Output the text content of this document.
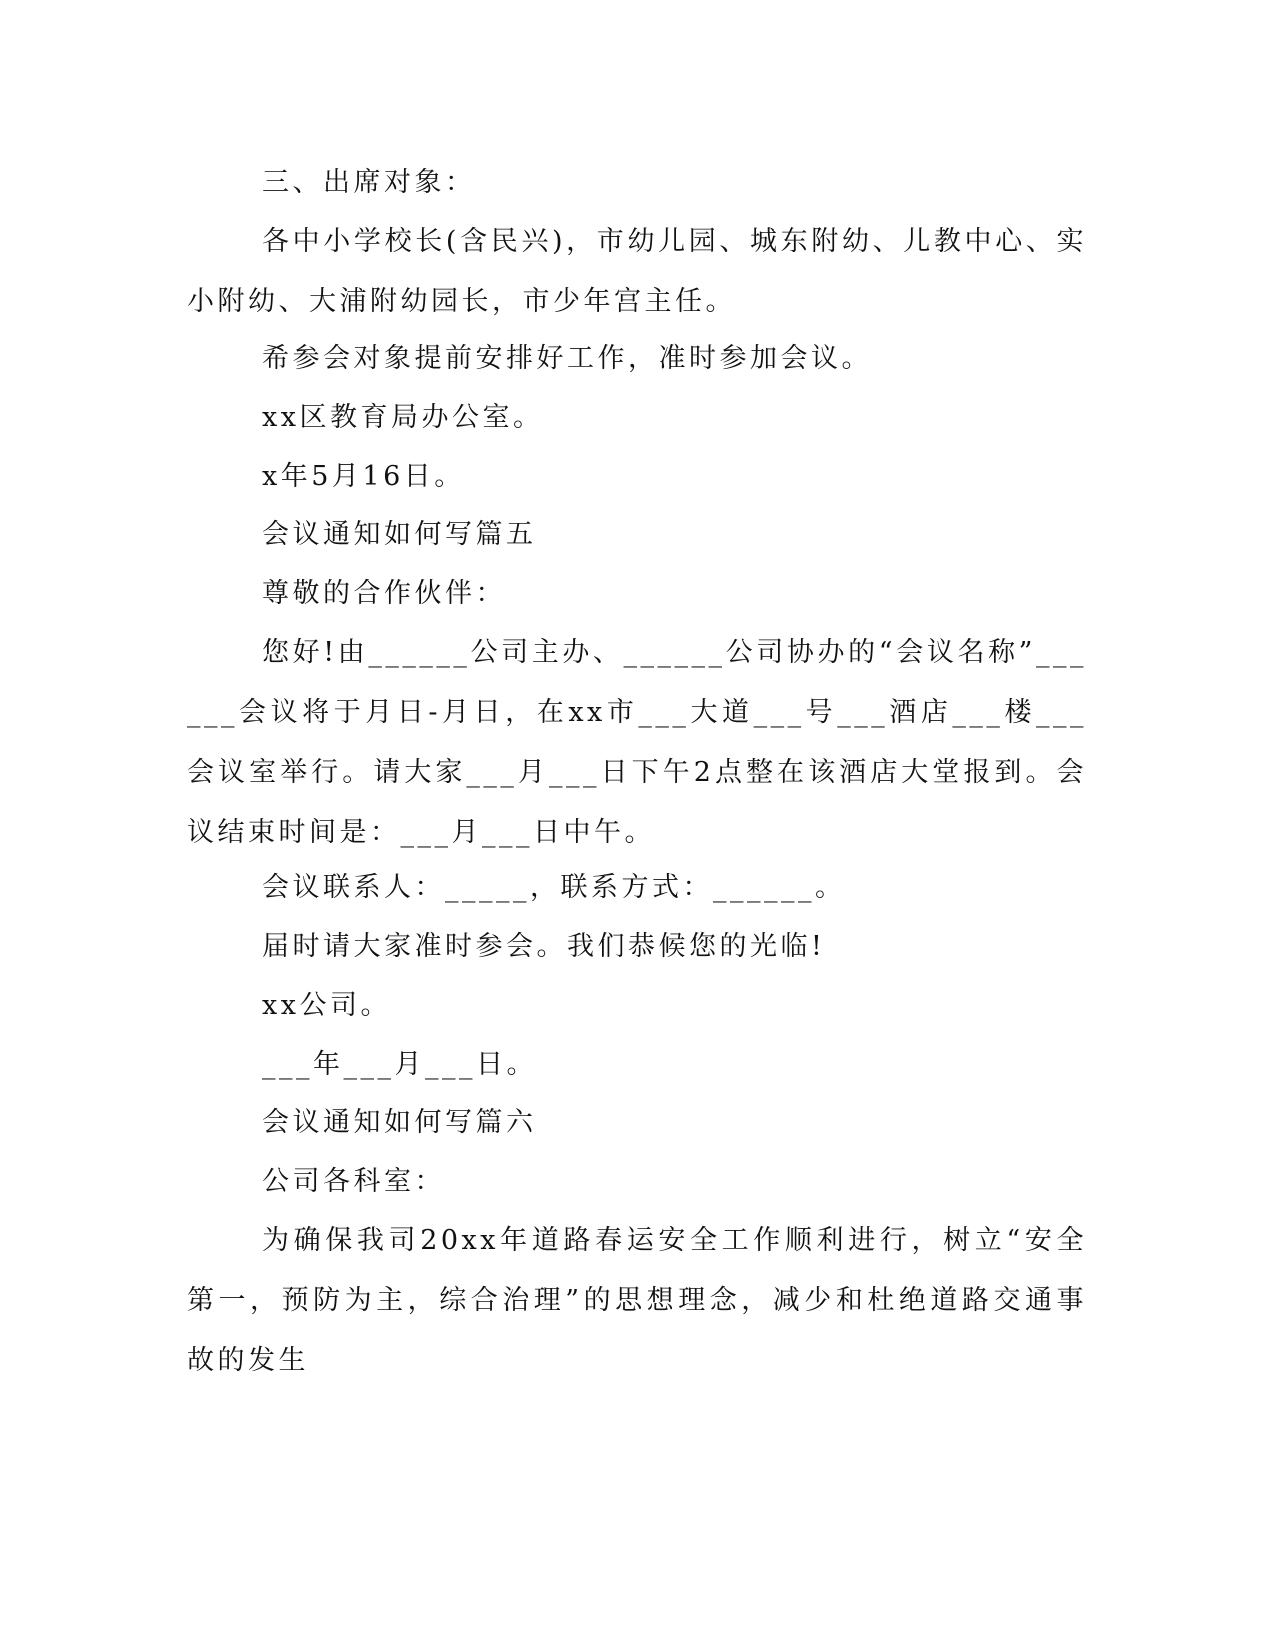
三、出席对象：

各中小学校长(含民兴)，市幼儿园、城东附幼、儿教中心、实小附幼、大浦附幼园长，市少年宫主任。

希参会对象提前安排好工作，准时参加会议。

xx区教育局办公室。

x年5月16日。

会议通知如何写篇五

尊敬的合作伙伴：

您好!由______公司主办、______公司协办的“会议名称”______会议将于月日-月日，在xx市___大道___号___酒店___楼___会议室举行。请大家___月___日下午2点整在该酒店大堂报到。会议结束时间是：___月___日中午。

会议联系人：_____，联系方式：______。

届时请大家准时参会。我们恭候您的光临!

xx公司。

___年___月___日。

会议通知如何写篇六

公司各科室：

为确保我司20xx年道路春运安全工作顺利进行，树立“安全第一，预防为主，综合治理”的思想理念，减少和杜绝道路交通事故的发生
